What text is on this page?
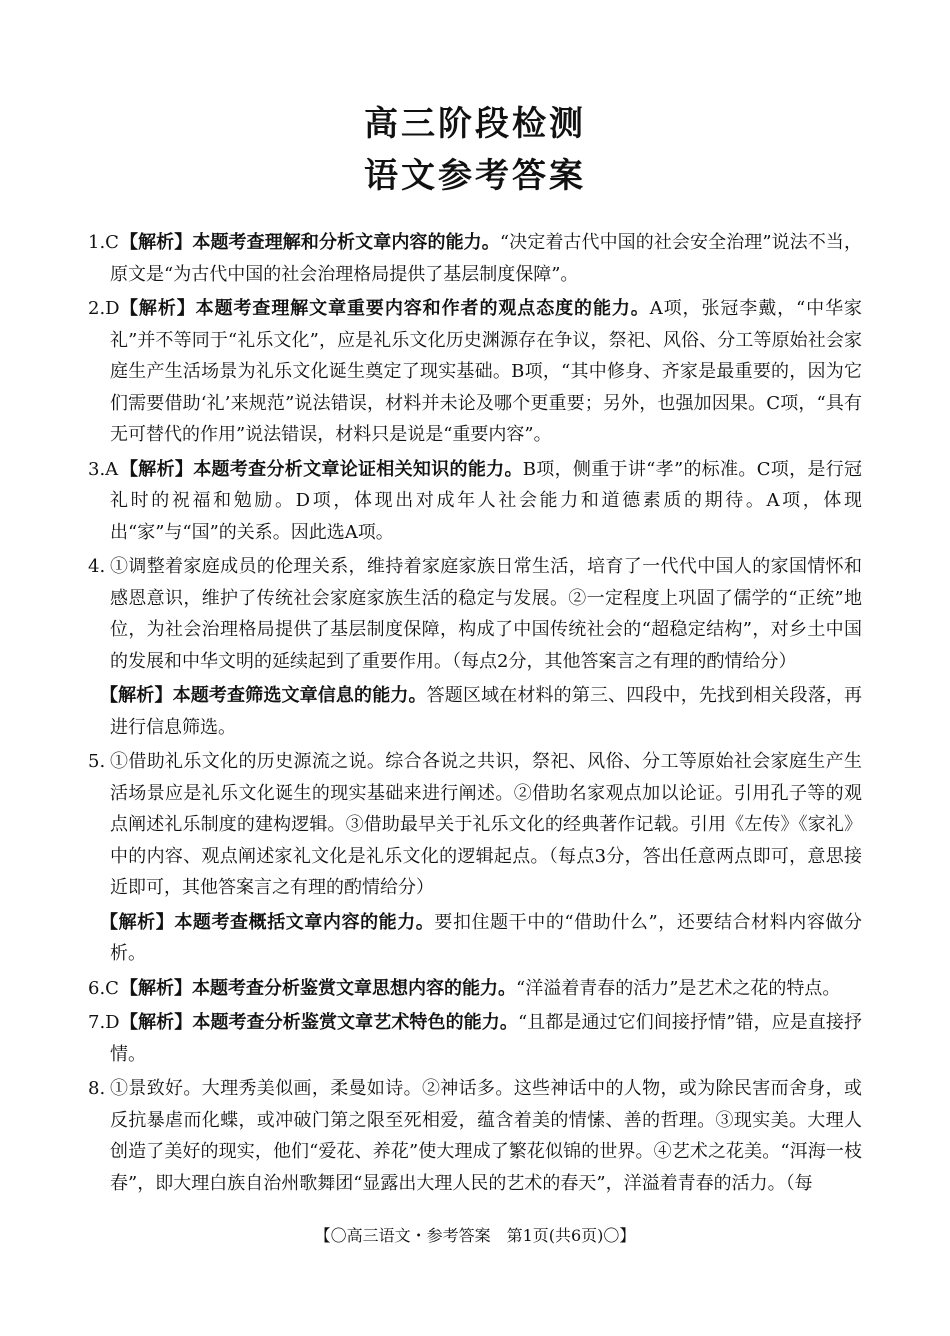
高三阶段检测
语文参考答案
1.C 【解析】本题考查理解和分析文章内容的能力。“决定着古代中国的社会安全治理”说法不当，原文是“为古代中国的社会治理格局提供了基层制度保障”。
2.D 【解析】本题考查理解文章重要内容和作者的观点态度的能力。A项，张冠李戴，“中华家礼”并不等同于“礼乐文化”，应是礼乐文化历史渊源存在争议，祭祀、风俗、分工等原始社会家庭生产生活场景为礼乐文化诞生奠定了现实基础。B项，“其中修身、齐家是最重要的，因为它们需要借助‘礼’来规范”说法错误，材料并未论及哪个更重要；另外，也强加因果。C项，“具有无可替代的作用”说法错误，材料只是说是“重要内容”。
3.A 【解析】本题考查分析文章论证相关知识的能力。B项，侧重于讲“孝”的标准。C项，是行冠礼时的祝福和勉励。D项，体现出对成年人社会能力和道德素质的期待。A项，体现出“家”与“国”的关系。因此选A项。
4. ①调整着家庭成员的伦理关系，维持着家庭家族日常生活，培育了一代代中国人的家国情怀和感恩意识，维护了传统社会家庭家族生活的稳定与发展。②一定程度上巩固了儒学的“正统”地位，为社会治理格局提供了基层制度保障，构成了中国传统社会的“超稳定结构”，对乡土中国的发展和中华文明的延续起到了重要作用。（每点2分，其他答案言之有理的酌情给分）
【解析】本题考查筛选文章信息的能力。答题区域在材料的第三、四段中，先找到相关段落，再进行信息筛选。
5. ①借助礼乐文化的历史源流之说。综合各说之共识，祭祀、风俗、分工等原始社会家庭生产生活场景应是礼乐文化诞生的现实基础来进行阐述。②借助名家观点加以论证。引用孔子等的观点阐述礼乐制度的建构逻辑。③借助最早关于礼乐文化的经典著作记载。引用《左传》《家礼》中的内容、观点阐述家礼文化是礼乐文化的逻辑起点。（每点3分，答出任意两点即可，意思接近即可，其他答案言之有理的酌情给分）
【解析】本题考查概括文章内容的能力。要扣住题干中的“借助什么”，还要结合材料内容做分析。
6.C 【解析】本题考查分析鉴赏文章思想内容的能力。“洋溢着青春的活力”是艺术之花的特点。
7.D 【解析】本题考查分析鉴赏文章艺术特色的能力。“且都是通过它们间接抒情”错，应是直接抒情。
8. ①景致好。大理秀美似画，柔曼如诗。②神话多。这些神话中的人物，或为除民害而舍身，或反抗暴虐而化蝶，或冲破门第之限至死相爱，蕴含着美的情愫、善的哲理。③现实美。大理人创造了美好的现实，他们“爱花、养花”使大理成了繁花似锦的世界。④艺术之花美。“洱海一枝春”，即大理白族自治州歌舞团“显露出大理人民的艺术的春天”，洋溢着青春的活力。（每
【〇高三语文・参考答案　第1页(共6页)〇】
